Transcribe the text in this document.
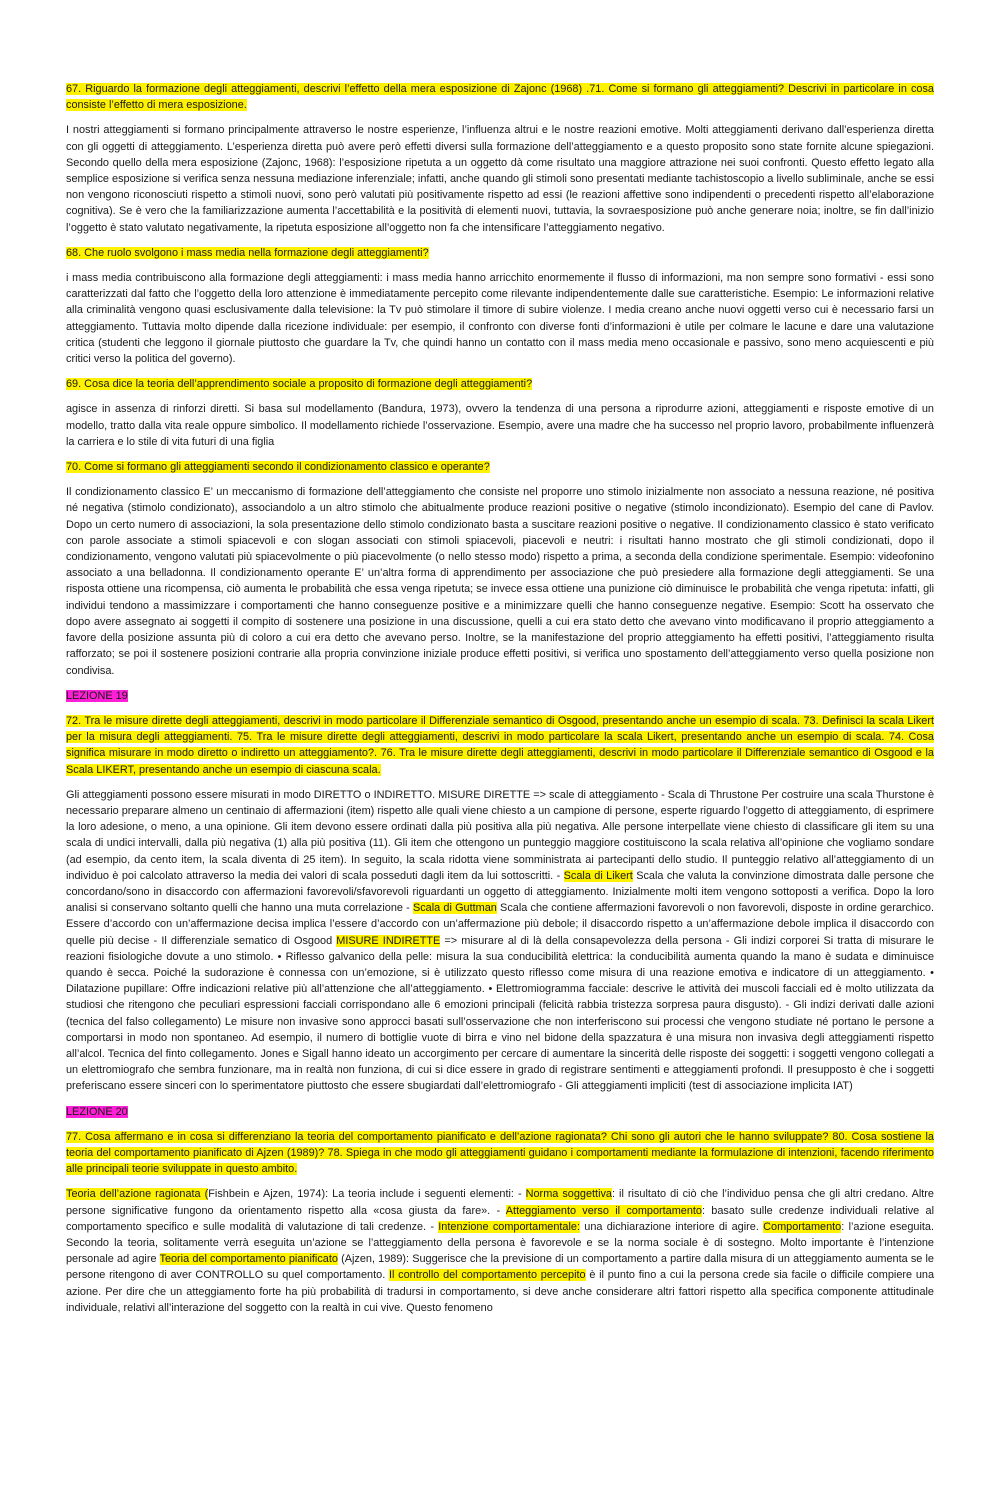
67. Riguardo la formazione degli atteggiamenti, descrivi l’effetto della mera esposizione di Zajonc (1968) .71. Come si formano gli atteggiamenti? Descrivi in particolare in cosa consiste l’effetto di mera esposizione.

I nostri atteggiamenti si formano principalmente attraverso le nostre esperienze, l’influenza altrui e le nostre reazioni emotive. Molti atteggiamenti derivano dall’esperienza diretta con gli oggetti di atteggiamento. L’esperienza diretta può avere però effetti diversi sulla formazione dell’atteggiamento e a questo proposito sono state fornite alcune spiegazioni. Secondo quello della mera esposizione (Zajonc, 1968): l’esposizione ripetuta a un oggetto dà come risultato una maggiore attrazione nei suoi confronti. Questo effetto legato alla semplice esposizione si verifica senza nessuna mediazione inferenziale; infatti, anche quando gli stimoli sono presentati mediante tachistoscopio a livello subliminale, anche se essi non vengono riconosciuti rispetto a stimoli nuovi, sono però valutati più positivamente rispetto ad essi (le reazioni affettive sono indipendenti o precedenti rispetto all’elaborazione cognitiva). Se è vero che la familiarizzazione aumenta l’accettabilità e la positività di elementi nuovi, tuttavia, la sovraesposizione può anche generare noia; inoltre, se fin dall’inizio l’oggetto è stato valutato negativamente, la ripetuta esposizione all’oggetto non fa che intensificare l’atteggiamento negativo.

68. Che ruolo svolgono i mass media nella formazione degli atteggiamenti?

i mass media contribuiscono alla formazione degli atteggiamenti: i mass media hanno arricchito enormemente il flusso di informazioni, ma non sempre sono formativi - essi sono caratterizzati dal fatto che l’oggetto della loro attenzione è immediatamente percepito come rilevante indipendentemente dalle sue caratteristiche. Esempio: Le informazioni relative alla criminalità vengono quasi esclusivamente dalla televisione: la Tv può stimolare il timore di subire violenze. I media creano anche nuovi oggetti verso cui è necessario farsi un atteggiamento. Tuttavia molto dipende dalla ricezione individuale: per esempio, il confronto con diverse fonti d’informazioni è utile per colmare le lacune e dare una valutazione critica (studenti che leggono il giornale piuttosto che guardare la Tv, che quindi hanno un contatto con il mass media meno occasionale e passivo, sono meno acquiescenti e più critici verso la politica del governo).

69. Cosa dice la teoria dell’apprendimento sociale a proposito di formazione degli atteggiamenti?

agisce in assenza di rinforzi diretti. Si basa sul modellamento (Bandura, 1973), ovvero la tendenza di una persona a riprodurre azioni, atteggiamenti e risposte emotive di un modello, tratto dalla vita reale oppure simbolico. Il modellamento richiede l’osservazione. Esempio, avere una madre che ha successo nel proprio lavoro, probabilmente influenzerà la carriera e lo stile di vita futuri di una figlia

70. Come si formano gli atteggiamenti secondo il condizionamento classico e operante?

Il condizionamento classico E’ un meccanismo di formazione dell’atteggiamento che consiste nel proporre uno stimolo inizialmente non associato a nessuna reazione, né positiva né negativa (stimolo condizionato), associandolo a un altro stimolo che abitualmente produce reazioni positive o negative (stimolo incondizionato). Esempio del cane di Pavlov. Dopo un certo numero di associazioni, la sola presentazione dello stimolo condizionato basta a suscitare reazioni positive o negative. Il condizionamento classico è stato verificato con parole associate a stimoli spiacevoli e con slogan associati con stimoli spiacevoli, piacevoli e neutri: i risultati hanno mostrato che gli stimoli condizionati, dopo il condizionamento, vengono valutati più spiacevolmente o più piacevolmente (o nello stesso modo) rispetto a prima, a seconda della condizione sperimentale. Esempio: videofonino associato a una belladonna. Il condizionamento operante E’ un’altra forma di apprendimento per associazione che può presiedere alla formazione degli atteggiamenti. Se una risposta ottiene una ricompensa, ciò aumenta le probabilità che essa venga ripetuta; se invece essa ottiene una punizione ciò diminuisce le probabilità che venga ripetuta: infatti, gli individui tendono a massimizzare i comportamenti che hanno conseguenze positive e a minimizzare quelli che hanno conseguenze negative. Esempio: Scott ha osservato che dopo avere assegnato ai soggetti il compito di sostenere una posizione in una discussione, quelli a cui era stato detto che avevano vinto modificavano il proprio atteggiamento a favore della posizione assunta più di coloro a cui era detto che avevano perso. Inoltre, se la manifestazione del proprio atteggiamento ha effetti positivi, l’atteggiamento risulta rafforzato; se poi il sostenere posizioni contrarie alla propria convinzione iniziale produce effetti positivi, si verifica uno spostamento dell’atteggiamento verso quella posizione non condivisa.

LEZIONE 19

72. Tra le misure dirette degli atteggiamenti, descrivi in modo particolare il Differenziale semantico di Osgood, presentando anche un esempio di scala. 73. Definisci la scala Likert per la misura degli atteggiamenti. 75. Tra le misure dirette degli atteggiamenti, descrivi in modo particolare la scala Likert, presentando anche un esempio di scala. 74. Cosa significa misurare in modo diretto o indiretto un atteggiamento?. 76. Tra le misure dirette degli atteggiamenti, descrivi in modo particolare il Differenziale semantico di Osgood e la Scala LIKERT, presentando anche un esempio di ciascuna scala.

Gli atteggiamenti possono essere misurati in modo DIRETTO o INDIRETTO. MISURE DIRETTE => scale di atteggiamento - Scala di Thrustone Per costruire una scala Thurstone è necessario preparare almeno un centinaio di affermazioni (item) rispetto alle quali viene chiesto a un campione di persone, esperte riguardo l’oggetto di atteggiamento, di esprimere la loro adesione, o meno, a una opinione. Gli item devono essere ordinati dalla più positiva alla più negativa. Alle persone interpellate viene chiesto di classificare gli item su una scala di undici intervalli, dalla più negativa (1) alla più positiva (11). Gli item che ottengono un punteggio maggiore costituiscono la scala relativa all’opinione che vogliamo sondare (ad esempio, da cento item, la scala diventa di 25 item). In seguito, la scala ridotta viene somministrata ai partecipanti dello studio. Il punteggio relativo all’atteggiamento di un individuo è poi calcolato attraverso la media dei valori di scala posseduti dagli item da lui sottoscritti. - Scala di Likert Scala che valuta la convinzione dimostrata dalle persone che concordano/sono in disaccordo con affermazioni favorevoli/sfavorevoli riguardanti un oggetto di atteggiamento. Inizialmente molti item vengono sottoposti a verifica. Dopo la loro analisi si conservano soltanto quelli che hanno una muta correlazione - Scala di Guttman Scala che contiene affermazioni favorevoli o non favorevoli, disposte in ordine gerarchico. Essere d’accordo con un’affermazione decisa implica l’essere d’accordo con un’affermazione più debole; il disaccordo rispetto a un’affermazione debole implica il disaccordo con quelle più decise - Il differenziale sematico di Osgood MISURE INDIRETTE => misurare al di là della consapevolezza della persona - Gli indizi corporei Si tratta di misurare le reazioni fisiologiche dovute a uno stimolo. • Riflesso galvanico della pelle: misura la sua conducibilità elettrica: la conducibilità aumenta quando la mano è sudata e diminuisce quando è secca. Poiché la sudorazione è connessa con un’emozione, si è utilizzato questo riflesso come misura di una reazione emotiva e indicatore di un atteggiamento. • Dilatazione pupillare: Offre indicazioni relative più all’attenzione che all’atteggiamento. • Elettromiogramma facciale: descrive le attività dei muscoli facciali ed è molto utilizzata da studiosi che ritengono che peculiari espressioni facciali corrispondano alle 6 emozioni principali (felicità rabbia tristezza sorpresa paura disgusto). - Gli indizi derivati dalle azioni (tecnica del falso collegamento) Le misure non invasive sono approcci basati sull’osservazione che non interferiscono sui processi che vengono studiate né portano le persone a comportarsi in modo non spontaneo. Ad esempio, il numero di bottiglie vuote di birra e vino nel bidone della spazzatura è una misura non invasiva degli atteggiamenti rispetto all’alcol. Tecnica del finto collegamento. Jones e Sigall hanno ideato un accorgimento per cercare di aumentare la sincerità delle risposte dei soggetti: i soggetti vengono collegati a un elettromiografo che sembra funzionare, ma in realtà non funziona, di cui si dice essere in grado di registrare sentimenti e atteggiamenti profondi. Il presupposto è che i soggetti preferiscano essere sinceri con lo sperimentatore piuttosto che essere sbugiardati dall’elettromiografo - Gli atteggiamenti impliciti (test di associazione implicita IAT)

LEZIONE 20

77. Cosa affermano e in cosa si differenziano la teoria del comportamento pianificato e dell’azione ragionata? Chi sono gli autori che le hanno sviluppate? 80. Cosa sostiene la teoria del comportamento pianificato di Ajzen (1989)? 78. Spiega in che modo gli atteggiamenti guidano i comportamenti mediante la formulazione di intenzioni, facendo riferimento alle principali teorie sviluppate in questo ambito.

Teoria dell’azione ragionata (Fishbein e Ajzen, 1974): La teoria include i seguenti elementi: - Norma soggettiva: il risultato di ciò che l’individuo pensa che gli altri credano. Altre persone significative fungono da orientamento rispetto alla «cosa giusta da fare». - Atteggiamento verso il comportamento: basato sulle credenze individuali relative al comportamento specifico e sulle modalità di valutazione di tali credenze. - Intenzione comportamentale: una dichiarazione interiore di agire. Comportamento: l’azione eseguita. Secondo la teoria, solitamente verrà eseguita un’azione se l’atteggiamento della persona è favorevole e se la norma sociale è di sostegno. Molto importante è l’intenzione personale ad agire Teoria del comportamento pianificato (Ajzen, 1989): Suggerisce che la previsione di un comportamento a partire dalla misura di un atteggiamento aumenta se le persone ritengono di aver CONTROLLO su quel comportamento. Il controllo del comportamento percepito è il punto fino a cui la persona crede sia facile o difficile compiere una azione. Per dire che un atteggiamento forte ha più probabilità di tradursi in comportamento, si deve anche considerare altri fattori rispetto alla specifica componente attitudinale individuale, relativi all’interazione del soggetto con la realtà in cui vive. Questo fenomeno
